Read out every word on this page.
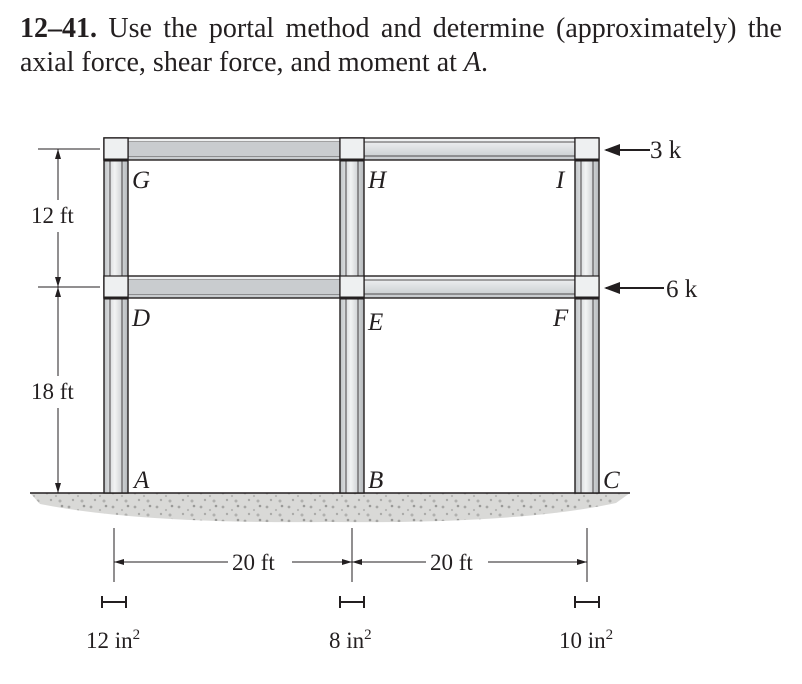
12–41. Use the portal method and determine (approximately) the axial force, shear force, and moment at A.
G	H	I
D	E	F
A	B	C
3 k
6 k
12 ft
18 ft
20 ft	20 ft
12 $in^2$	8 $in^2$	10 $in^2$
